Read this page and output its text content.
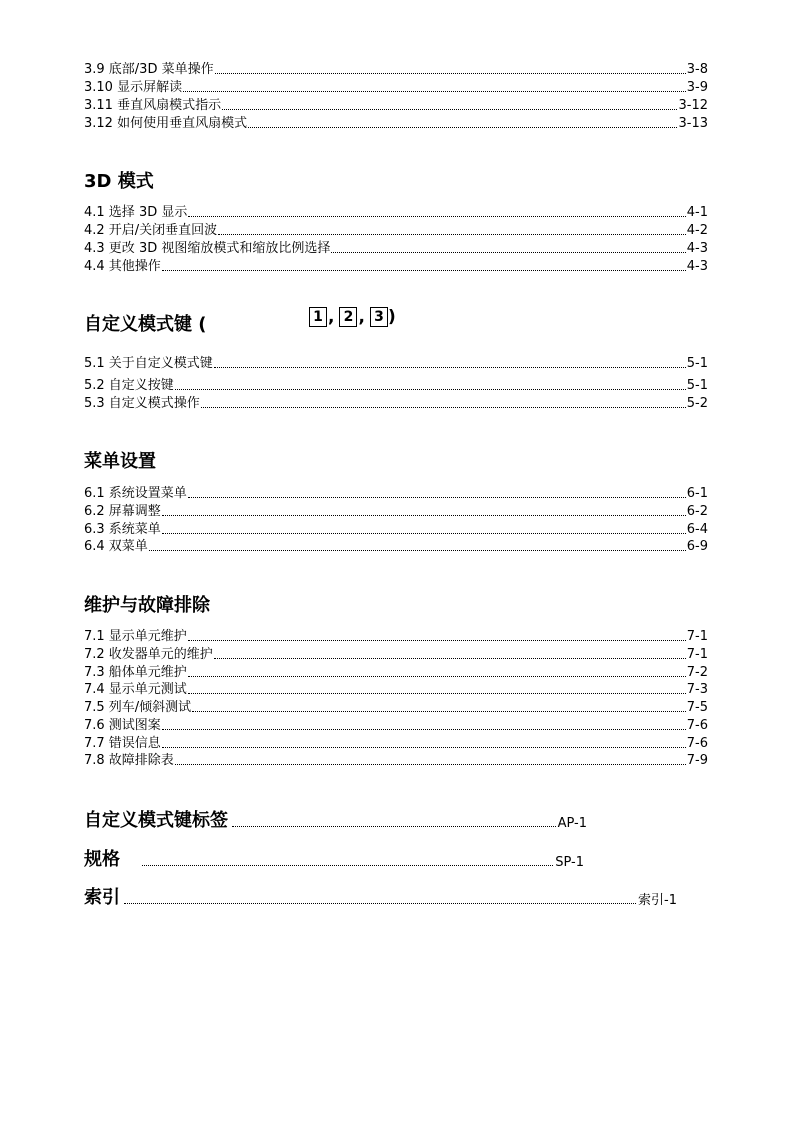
3.9 底部/3D 菜单操作	3-8
3.10 显示屏解读	3-9
3.11 垂直风扇模式指示	3-12
3.12 如何使用垂直风扇模式	3-13
3D 模式
4.1 选择 3D 显示	4-1
4.2 开启/关闭垂直回波	4-2
4.3 更改 3D 视图缩放模式和缩放比例选择	4-3
4.4 其他操作	4-3
自定义模式键 (	1 , 2 , 3 )
5.1 关于自定义模式键	5-1
5.2 自定义按键	5-1
5.3 自定义模式操作	5-2
菜单设置
6.1 系统设置菜单	6-1
6.2 屏幕调整	6-2
6.3 系统菜单	6-4
6.4 双菜单	6-9
维护与故障排除
7.1 显示单元维护	7-1
7.2 收发器单元的维护	7-1
7.3 船体单元维护	7-2
7.4 显示单元测试	7-3
7.5 列车/倾斜测试	7-5
7.6 测试图案	7-6
7.7 错误信息	7-6
7.8 故障排除表	7-9
自定义模式键标签	AP-1
规格	SP-1
索引	索引-1
